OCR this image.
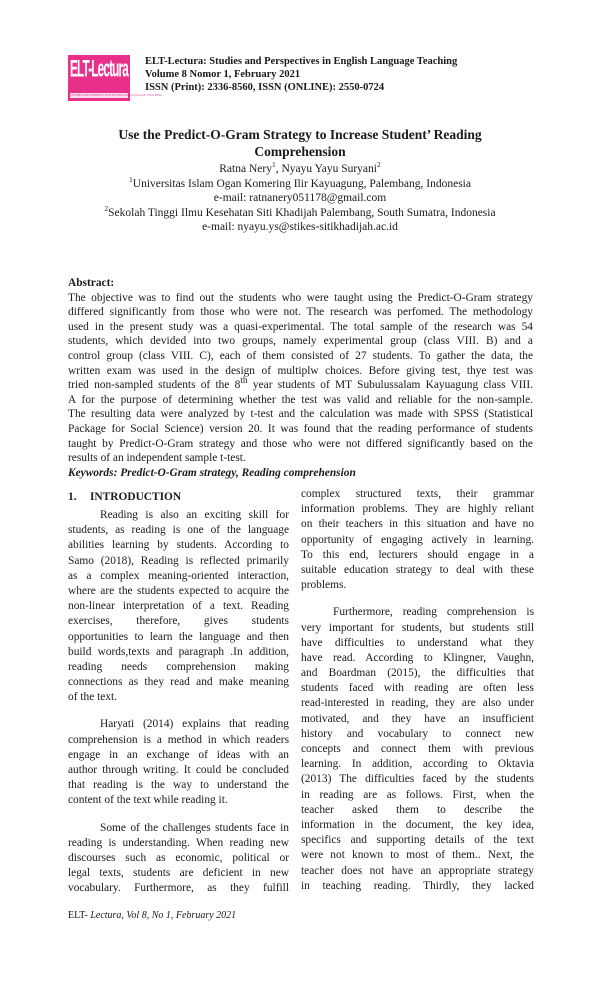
ELT-Lectura
STUDIES AND PERSPECTIVES IN ENGLISH LANGUAGE TEACHING
ELT-Lectura: Studies and Perspectives in English Language Teaching
Volume 8 Nomor 1, February 2021
ISSN (Print): 2336-8560, ISSN (ONLINE): 2550-0724
Use the Predict-O-Gram Strategy to Increase Student’ Reading
Comprehension
Ratna Nery$^1$, Nyayu Yayu Suryani$^2$
$^1$Universitas Islam Ogan Komering Ilir Kayuagung, Palembang, Indonesia
e-mail: ratnanery051178@gmail.com
$^2$Sekolah Tinggi Ilmu Kesehatan Siti Khadijah Palembang, South Sumatra, Indonesia
e-mail: nyayu.ys@stikes-sitikhadijah.ac.id
Abstract:
The objective was to find out the students who were taught using the Predict-O-Gram strategy
differed significantly from those who were not. The research was perfomed. The methodology
used in the present study was a quasi-experimental. The total sample of the research was 54
students, which devided into two groups, namely experimental group (class VIII. B) and a
control group (class VIII. C), each of them consisted of 27 students. To gather the data, the
written exam was used in the design of multiplw choices. Before giving test, thye test was
tried non-sampled students of the 8th year students of MT Subulussalam Kayuagung class VIII.
A for the purpose of determining whether the test was valid and reliable for the non-sample.
The resulting data were analyzed by t-test and the calculation was made with SPSS (Statistical
Package for Social Science) version 20. It was found that the reading performance of students
taught by Predict-O-Gram strategy and those who were not differed significantly based on the
results of an independent sample t-test.
Keywords: Predict-O-Gram strategy, Reading comprehension
1. INTRODUCTION
Reading is also an exciting skill for
students, as reading is one of the language
abilities learning by students. According to
Samo (2018), Reading is reflected primarily
as a complex meaning-oriented interaction,
where are the students expected to acquire the
non-linear interpretation of a text. Reading
exercises, therefore, gives students
opportunities to learn the language and then
build words,texts and paragraph .In addition,
reading needs comprehension making
connections as they read and make meaning
of the text.
Haryati (2014) explains that reading
comprehension is a method in which readers
engage in an exchange of ideas with an
author through writing. It could be concluded
that reading is the way to understand the
content of the text while reading it.
Some of the challenges students face in
reading is understanding. When reading new
discourses such as economic, political or
legal texts, students are deficient in new
vocabulary. Furthermore, as they fulfill
complex structured texts, their grammar
information problems. They are highly reliant
on their teachers in this situation and have no
opportunity of engaging actively in learning.
To this end, lecturers should engage in a
suitable education strategy to deal with these
problems.
Furthermore, reading comprehension is
very important for students, but students still
have difficulties to understand what they
have read. According to Klingner, Vaughn,
and Boardman (2015), the difficulties that
students faced with reading are often less
read-interested in reading, they are also under
motivated, and they have an insufficient
history and vocabulary to connect new
concepts and connect them with previous
learning. In addition, according to Oktavia
(2013) The difficulties faced by the students
in reading are as follows. First, when the
teacher asked them to describe the
information in the document, the key idea,
specifics and supporting details of the text
were not known to most of them.. Next, the
teacher does not have an appropriate strategy
in teaching reading. Thirdly, they lacked
ELT- Lectura, Vol 8, No 1, February 2021
